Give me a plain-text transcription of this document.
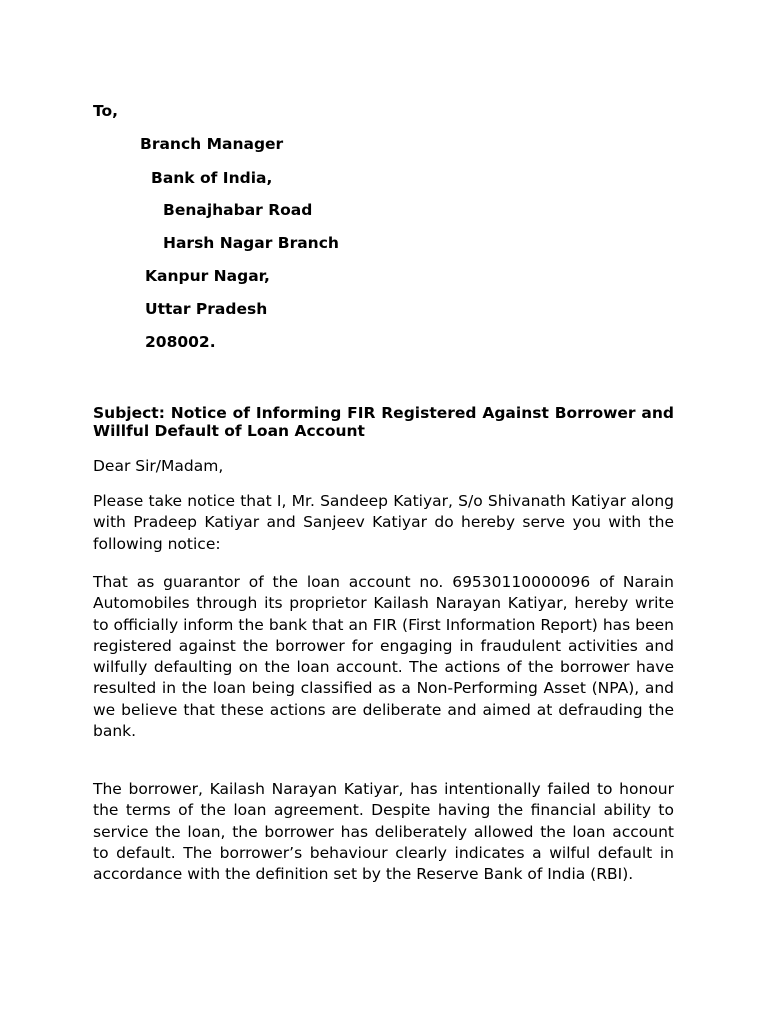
To,
Branch Manager
Bank of India,
Benajhabar Road
Harsh Nagar Branch
Kanpur Nagar,
Uttar Pradesh
208002.
Subject: Notice of Informing FIR Registered Against Borrower and Willful Default of Loan Account
Dear Sir/Madam,
Please take notice that I, Mr. Sandeep Katiyar, S/o Shivanath Katiyar along with Pradeep Katiyar and Sanjeev Katiyar do hereby serve you with the following notice:
That as guarantor of the loan account no. 69530110000096 of Narain Automobiles through its proprietor Kailash Narayan Katiyar, hereby write to officially inform the bank that an FIR (First Information Report) has been registered against the borrower for engaging in fraudulent activities and wilfully defaulting on the loan account. The actions of the borrower have resulted in the loan being classified as a Non-Performing Asset (NPA), and we believe that these actions are deliberate and aimed at defrauding the bank.
The borrower, Kailash Narayan Katiyar, has intentionally failed to honour the terms of the loan agreement. Despite having the financial ability to service the loan, the borrower has deliberately allowed the loan account to default. The borrower’s behaviour clearly indicates a wilful default in accordance with the definition set by the Reserve Bank of India (RBI).
